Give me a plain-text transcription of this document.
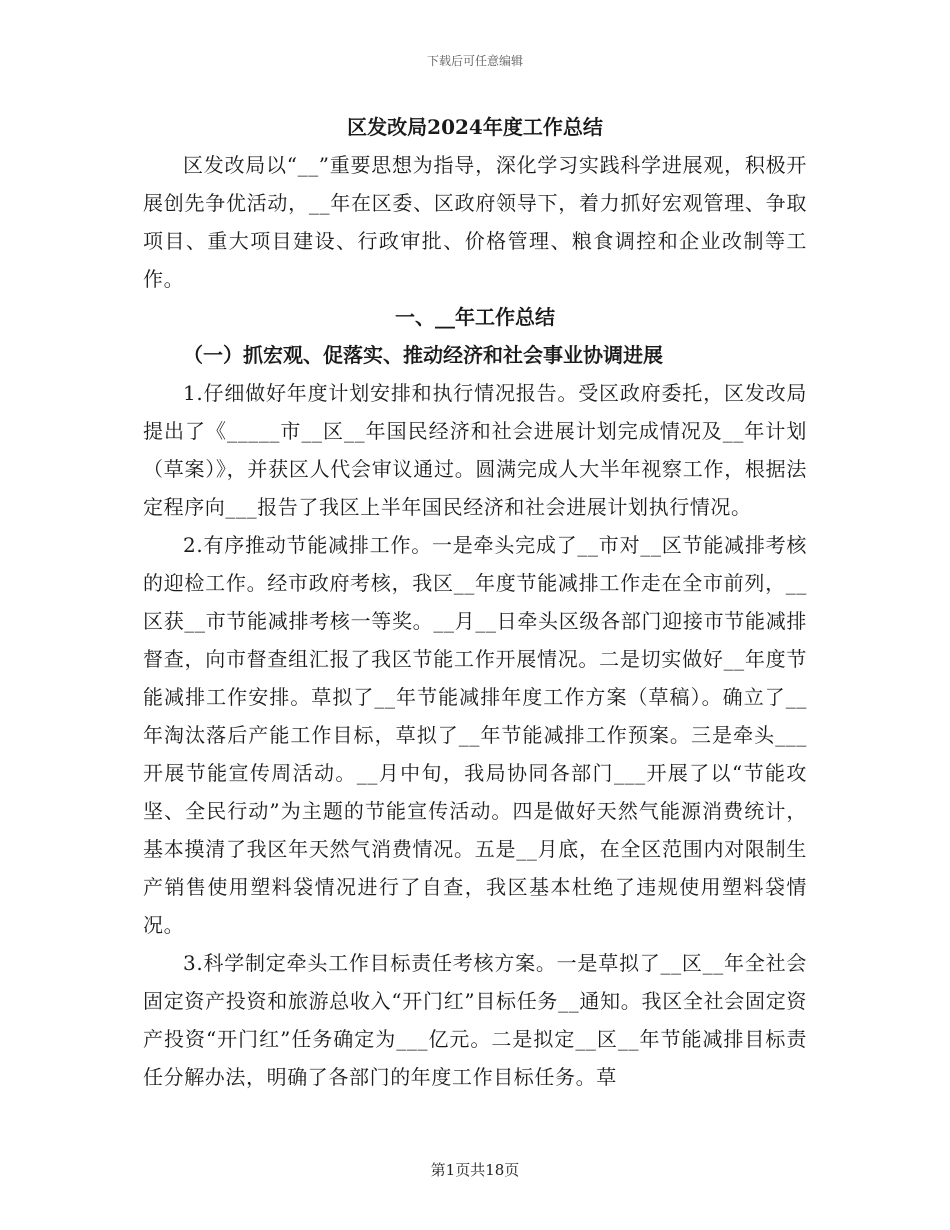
下载后可任意编辑
区发改局2024年度工作总结

区发改局以“__”重要思想为指导，深化学习实践科学进展观，积极开展创先争优活动，__年在区委、区政府领导下，着力抓好宏观管理、争取项目、重大项目建设、行政审批、价格管理、粮食调控和企业改制等工作。

一、__年工作总结
（一）抓宏观、促落实、推动经济和社会事业协调进展

1.仔细做好年度计划安排和执行情况报告。受区政府委托，区发改局提出了《_____市__区__年国民经济和社会进展计划完成情况及__年计划（草案）》，并获区人代会审议通过。圆满完成人大半年视察工作，根据法定程序向___报告了我区上半年国民经济和社会进展计划执行情况。

2.有序推动节能减排工作。一是牵头完成了__市对__区节能减排考核的迎检工作。经市政府考核，我区__年度节能减排工作走在全市前列，__区获__市节能减排考核一等奖。__月__日牵头区级各部门迎接市节能减排督查，向市督查组汇报了我区节能工作开展情况。二是切实做好__年度节能减排工作安排。草拟了__年节能减排年度工作方案（草稿）。确立了__年淘汰落后产能工作目标，草拟了__年节能减排工作预案。三是牵头___开展节能宣传周活动。__月中旬，我局协同各部门___开展了以“节能攻坚、全民行动”为主题的节能宣传活动。四是做好天然气能源消费统计，基本摸清了我区年天然气消费情况。五是__月底，在全区范围内对限制生产销售使用塑料袋情况进行了自查，我区基本杜绝了违规使用塑料袋情况。

3.科学制定牵头工作目标责任考核方案。一是草拟了__区__年全社会固定资产投资和旅游总收入“开门红”目标任务__通知。我区全社会固定资产投资“开门红”任务确定为___亿元。二是拟定__区__年节能减排目标责任分解办法，明确了各部门的年度工作目标任务。草

第1页共18页
